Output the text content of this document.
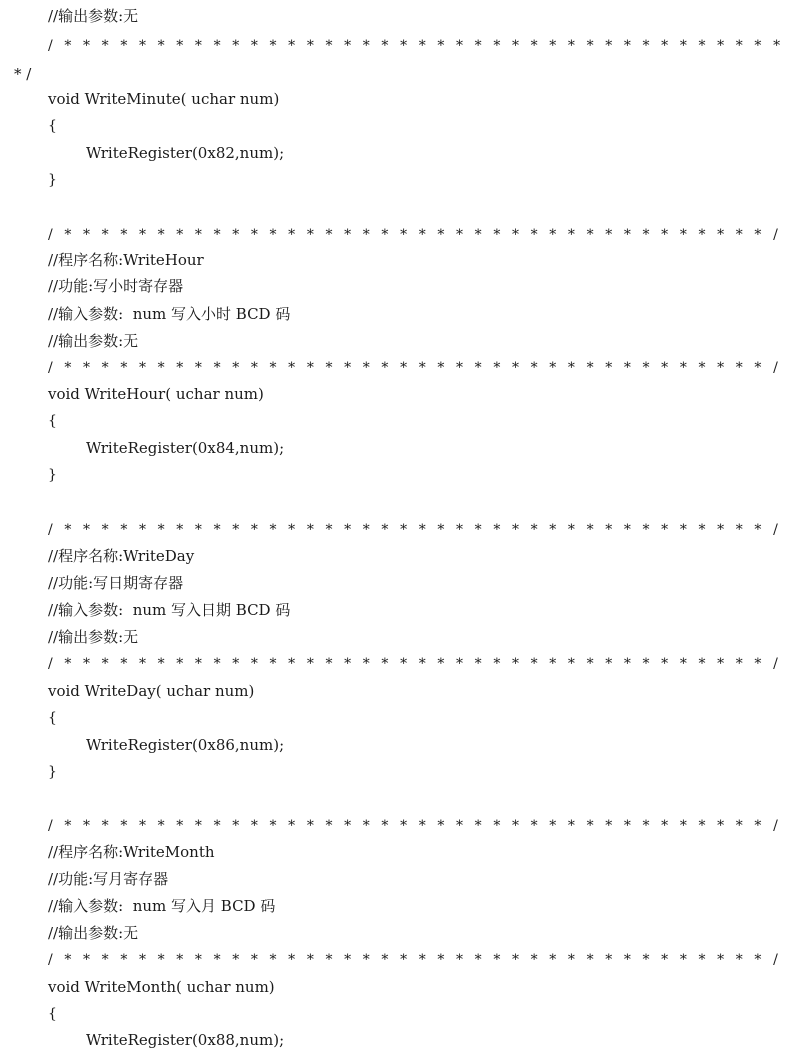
//输出参数:无
/ * * * * * * * * * * * * * * * * * * * * * * * * * * * * * * * * * * * * * * *
* /
void WriteMinute( uchar num)
{
WriteRegister(0x82,num);
}
/ * * * * * * * * * * * * * * * * * * * * * * * * * * * * * * * * * * * * * * /
//程序名称:WriteHour
//功能:写小时寄存器
//输入参数:  num 写入小时 BCD 码
//输出参数:无
/ * * * * * * * * * * * * * * * * * * * * * * * * * * * * * * * * * * * * * * /
void WriteHour( uchar num)
{
WriteRegister(0x84,num);
}
/ * * * * * * * * * * * * * * * * * * * * * * * * * * * * * * * * * * * * * * /
//程序名称:WriteDay
//功能:写日期寄存器
//输入参数:  num 写入日期 BCD 码
//输出参数:无
/ * * * * * * * * * * * * * * * * * * * * * * * * * * * * * * * * * * * * * * /
void WriteDay( uchar num)
{
WriteRegister(0x86,num);
}
/ * * * * * * * * * * * * * * * * * * * * * * * * * * * * * * * * * * * * * * /
//程序名称:WriteMonth
//功能:写月寄存器
//输入参数:  num 写入月 BCD 码
//输出参数:无
/ * * * * * * * * * * * * * * * * * * * * * * * * * * * * * * * * * * * * * * /
void WriteMonth( uchar num)
{
WriteRegister(0x88,num);
